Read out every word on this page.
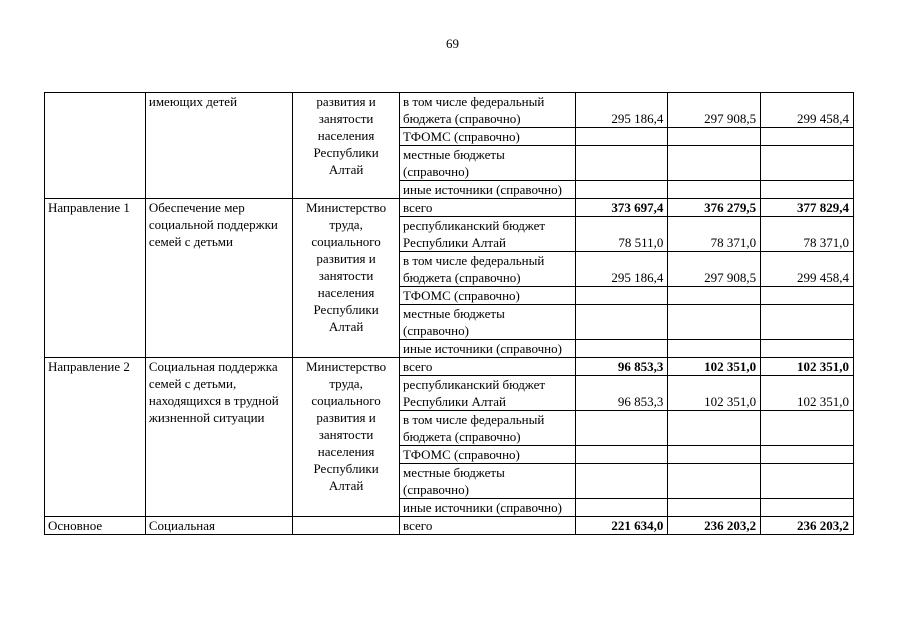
69
	имеющих детей	развития и занятости населения Республики Алтай	в том числе федеральный бюджета (справочно)	295 186,4	297 908,5	299 458,4
			ТФОМС (справочно)			
			местные бюджеты (справочно)			
			иные источники (справочно)			
Направление 1	Обеспечение мер социальной поддержки семей с детьми	Министерство труда, социального развития и занятости населения Республики Алтай	всего	373 697,4	376 279,5	377 829,4
			республиканский бюджет Республики Алтай	78 511,0	78 371,0	78 371,0
			в том числе федеральный бюджета (справочно)	295 186,4	297 908,5	299 458,4
			ТФОМС (справочно)			
			местные бюджеты (справочно)			
			иные источники (справочно)			
Направление 2	Социальная поддержка семей с детьми, находящихся в трудной жизненной ситуации	Министерство труда, социального развития и занятости населения Республики Алтай	всего	96 853,3	102 351,0	102 351,0
			республиканский бюджет Республики Алтай	96 853,3	102 351,0	102 351,0
			в том числе федеральный бюджета (справочно)			
			ТФОМС (справочно)			
			местные бюджеты (справочно)			
			иные источники (справочно)			
Основное	Социальная		всего	221 634,0	236 203,2	236 203,2
